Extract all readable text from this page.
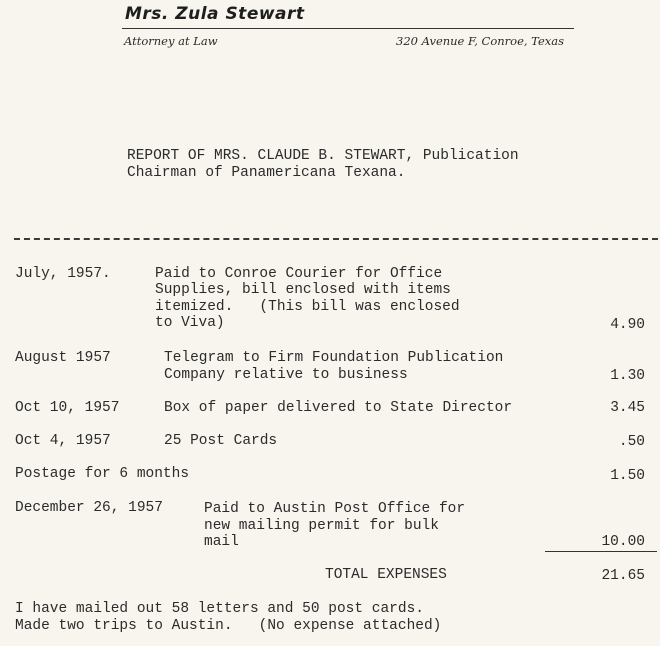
Mrs. Zula Stewart
Attorney at Law	320 Avenue F, Conroe, Texas
REPORT OF MRS. CLAUDE B. STEWART, Publication
Chairman of Panamericana Texana.
July, 1957.	Paid to Conroe Courier for Office
Supplies, bill enclosed with items
itemized.   (This bill was enclosed
to Viva)	4.90
August 1957	Telegram to Firm Foundation Publication
Company relative to business	1.30
Oct 10, 1957	Box of paper delivered to State Director	3.45
Oct 4, 1957	25 Post Cards	.50
Postage for 6 months	1.50
December 26, 1957	Paid to Austin Post Office for
new mailing permit for bulk
mail	10.00
TOTAL EXPENSES	21.65
I have mailed out 58 letters and 50 post cards.
Made two trips to Austin.   (No expense attached)
